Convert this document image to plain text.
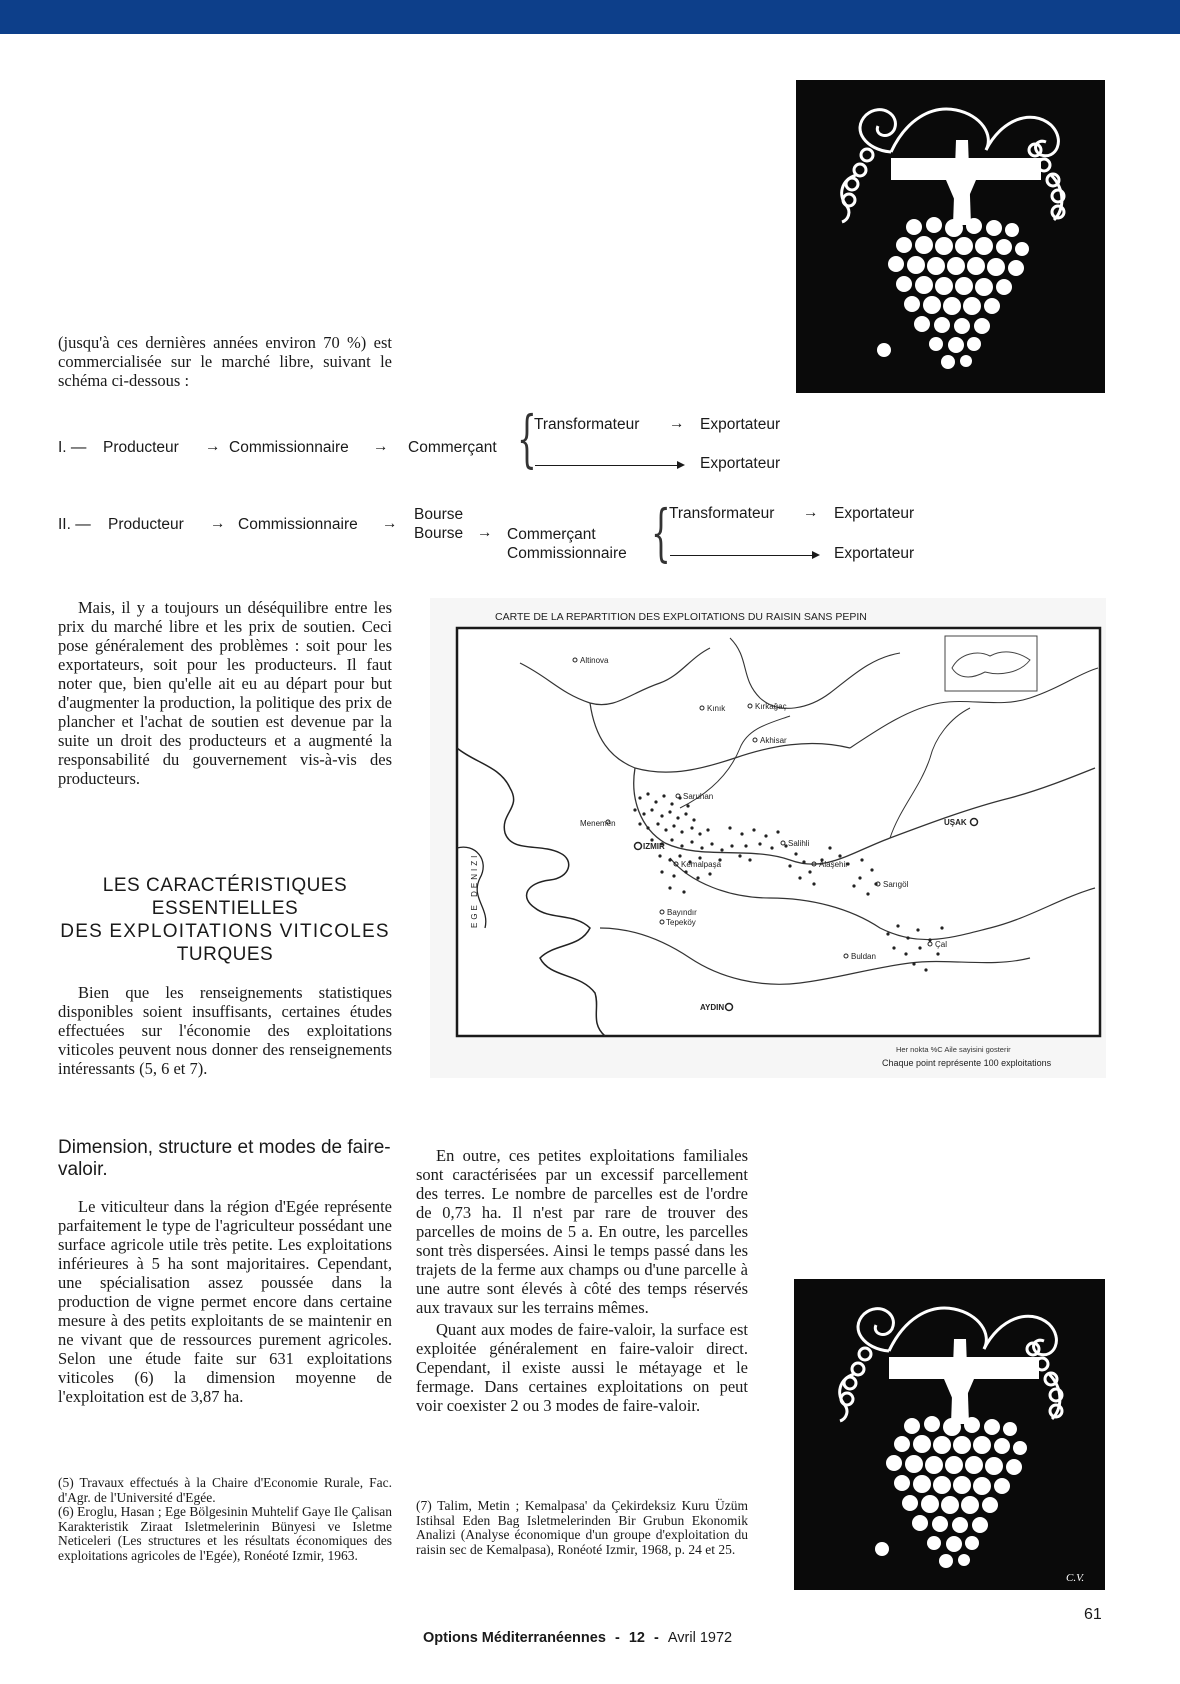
(jusqu'à ces dernières années environ 70 %) est commercialisée sur le marché libre, suivant le schéma ci-dessous :

I. — Producteur → Commissionnaire → Commerçant {
Transformateur → Exportateur
Exportateur
II. — Producteur → Commissionnaire →
Bourse
Bourse → Commerçant
Commissionnaire {
Transformateur → Exportateur
Exportateur

Mais, il y a toujours un déséquilibre entre les prix du marché libre et les prix de soutien. Ceci pose généralement des problèmes : soit pour les exportateurs, soit pour les producteurs. Il faut noter que, bien qu'elle ait eu au départ pour but d'augmenter la production, la politique des prix de plancher et l'achat de soutien est devenue par la suite un droit des producteurs et a augmenté la responsabilité du gouvernement vis-à-vis des producteurs.

LES CARACTÉRISTIQUES
ESSENTIELLES
DES EXPLOITATIONS VITICOLES
TURQUES

Bien que les renseignements statistiques disponibles soient insuffisants, certaines études effectuées sur l'économie des exploitations viticoles peuvent nous donner des renseignements intéressants (5, 6 et 7).

CARTE DE LA REPARTITION DES EXPLOITATIONS DU RAISIN SANS PEPIN
Altinova
Kınık	Kırkağaç
Akhisar
Saruhan
Menemen
IZMIR
Kemalpaşa
Salihli
Alaşehir
UŞAK
Sarıgöl
Bayındır
Tepeköy
Buldan
Çal
AYDIN
EGE DENIZI
Her nokta %C Aile sayisini gosterir
Chaque point représente 100 exploitations
Dimension, structure et modes de faire-valoir.

Le viticulteur dans la région d'Egée représente parfaitement le type de l'agriculteur possédant une surface agricole utile très petite. Les exploitations inférieures à 5 ha sont majoritaires. Cependant, une spécialisation assez poussée dans la production de vigne permet encore dans certaine mesure à des petits exploitants de se maintenir en ne vivant que de ressources purement agricoles. Selon une étude faite sur 631 exploitations viticoles (6) la dimension moyenne de l'exploitation est de 3,87 ha.

En outre, ces petites exploitations familiales sont caractérisées par un excessif parcellement des terres. Le nombre de parcelles est de l'ordre de 0,73 ha. Il n'est par rare de trouver des parcelles de moins de 5 a. En outre, les parcelles sont très dispersées. Ainsi le temps passé dans les trajets de la ferme aux champs ou d'une parcelle à une autre sont élevés à côté des temps réservés aux travaux sur les terrains mêmes.

Quant aux modes de faire-valoir, la surface est exploitée généralement en faire-valoir direct. Cependant, il existe aussi le métayage et le fermage. Dans certaines exploitations on peut voir coexister 2 ou 3 modes de faire-valoir.

(5) Travaux effectués à la Chaire d'Economie Rurale, Fac. d'Agr. de l'Université d'Egée.

(6) Eroglu, Hasan ; Ege Bölgesinin Muhtelif Gaye Ile Çalisan Karakteristik Ziraat Isletmelerinin Bünyesi ve Isletme Neticeleri (Les structures et les résultats économiques des exploitations agricoles de l'Egée), Ronéoté Izmir, 1963.

(7) Talim, Metin ; Kemalpasa' da Çekirdeksiz Kuru Üzüm Istihsal Eden Bag Isletmelerinden Bir Grubun Ekonomik Analizi (Analyse économique d'un groupe d'exploitation du raisin sec de Kemalpasa), Ronéoté Izmir, 1968, p. 24 et 25.

C.V.
61
Options Méditerranéennes - 12 - Avril 1972
